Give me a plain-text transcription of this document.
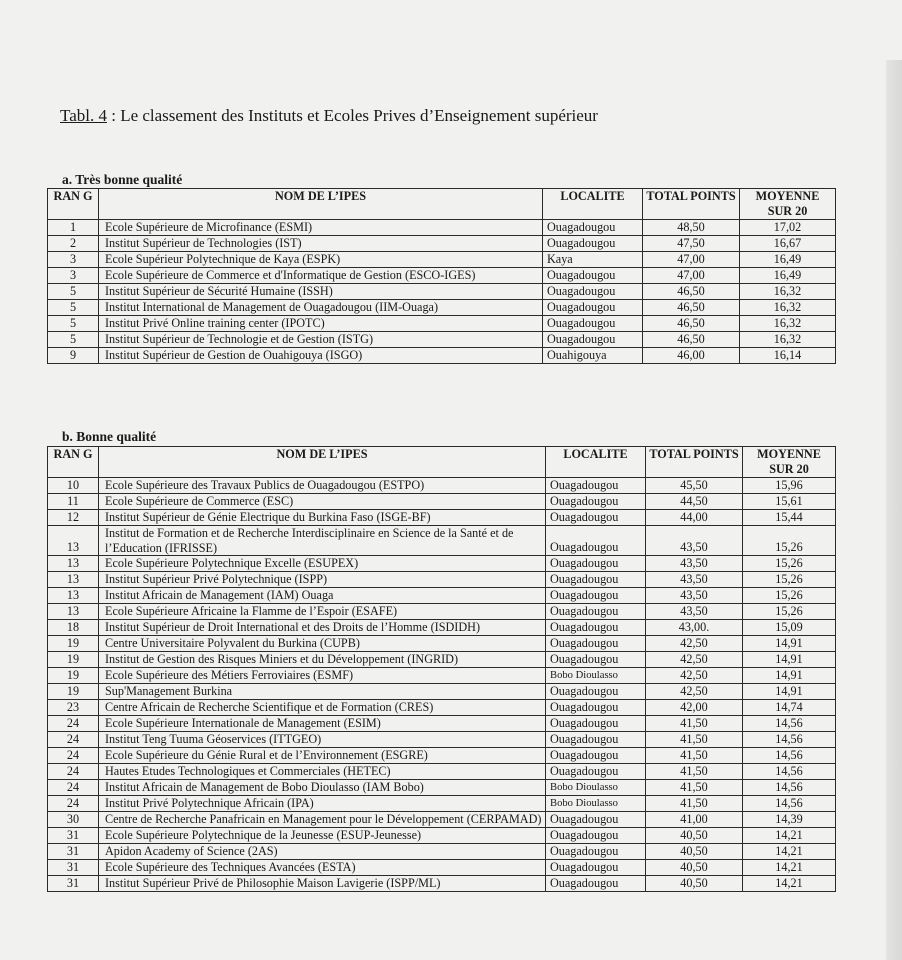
Tabl. 4 : Le classement des Instituts et Ecoles Prives d’Enseignement supérieur
a. Très bonne qualité
RAN G	NOM DE L’IPES	LOCALITE	TOTAL POINTS	MOYENNE SUR 20
1	Ecole Supérieure de Microfinance (ESMI)	Ouagadougou	48,50	17,02
2	Institut Supérieur de Technologies (IST)	Ouagadougou	47,50	16,67
3	Ecole Supérieur Polytechnique de Kaya (ESPK)	Kaya	47,00	16,49
3	Ecole Supérieure de Commerce et d'Informatique de Gestion (ESCO-IGES)	Ouagadougou	47,00	16,49
5	Institut Supérieur de Sécurité Humaine (ISSH)	Ouagadougou	46,50	16,32
5	Institut International de Management de Ouagadougou (IIM-Ouaga)	Ouagadougou	46,50	16,32
5	Institut Privé Online training center (IPOTC)	Ouagadougou	46,50	16,32
5	Institut Supérieur de Technologie et de Gestion (ISTG)	Ouagadougou	46,50	16,32
9	Institut Supérieur de Gestion de Ouahigouya (ISGO)	Ouahigouya	46,00	16,14
b. Bonne qualité
RAN G	NOM DE L’IPES	LOCALITE	TOTAL POINTS	MOYENNE SUR 20
10	Ecole Supérieure des Travaux Publics de Ouagadougou (ESTPO)	Ouagadougou	45,50	15,96
11	Ecole Supérieure de Commerce (ESC)	Ouagadougou	44,50	15,61
12	Institut Supérieur de Génie Electrique du Burkina Faso (ISGE-BF)	Ouagadougou	44,00	15,44
13	Institut de Formation et de Recherche Interdisciplinaire en Science de la Santé et de l’Education (IFRISSE)	Ouagadougou	43,50	15,26
13	Ecole Supérieure Polytechnique Excelle (ESUPEX)	Ouagadougou	43,50	15,26
13	Institut Supérieur Privé Polytechnique (ISPP)	Ouagadougou	43,50	15,26
13	Institut Africain de Management (IAM) Ouaga	Ouagadougou	43,50	15,26
13	Ecole Supérieure Africaine la Flamme de l’Espoir (ESAFE)	Ouagadougou	43,50	15,26
18	Institut Supérieur de Droit International et des Droits de l’Homme (ISDIDH)	Ouagadougou	43,00.	15,09
19	Centre Universitaire Polyvalent du Burkina (CUPB)	Ouagadougou	42,50	14,91
19	Institut de Gestion des Risques Miniers et du Développement (INGRID)	Ouagadougou	42,50	14,91
19	Ecole Supérieure des Métiers Ferroviaires (ESMF)	Bobo Dioulasso	42,50	14,91
19	Sup'Management Burkina	Ouagadougou	42,50	14,91
23	Centre Africain de Recherche Scientifique et de Formation (CRES)	Ouagadougou	42,00	14,74
24	Ecole Supérieure Internationale de Management (ESIM)	Ouagadougou	41,50	14,56
24	Institut Teng Tuuma Géoservices (ITTGEO)	Ouagadougou	41,50	14,56
24	Ecole Supérieure du Génie Rural et de l’Environnement (ESGRE)	Ouagadougou	41,50	14,56
24	Hautes Etudes Technologiques et Commerciales (HETEC)	Ouagadougou	41,50	14,56
24	Institut Africain de Management de Bobo Dioulasso (IAM Bobo)	Bobo Dioulasso	41,50	14,56
24	Institut Privé Polytechnique Africain (IPA)	Bobo Dioulasso	41,50	14,56
30	Centre de Recherche Panafricain en Management pour le Développement (CERPAMAD)	Ouagadougou	41,00	14,39
31	Ecole Supérieure Polytechnique de la Jeunesse (ESUP-Jeunesse)	Ouagadougou	40,50	14,21
31	Apidon Academy of Science (2AS)	Ouagadougou	40,50	14,21
31	Ecole Supérieure des Techniques Avancées (ESTA)	Ouagadougou	40,50	14,21
31	Institut Supérieur Privé de Philosophie Maison Lavigerie (ISPP/ML)	Ouagadougou	40,50	14,21
